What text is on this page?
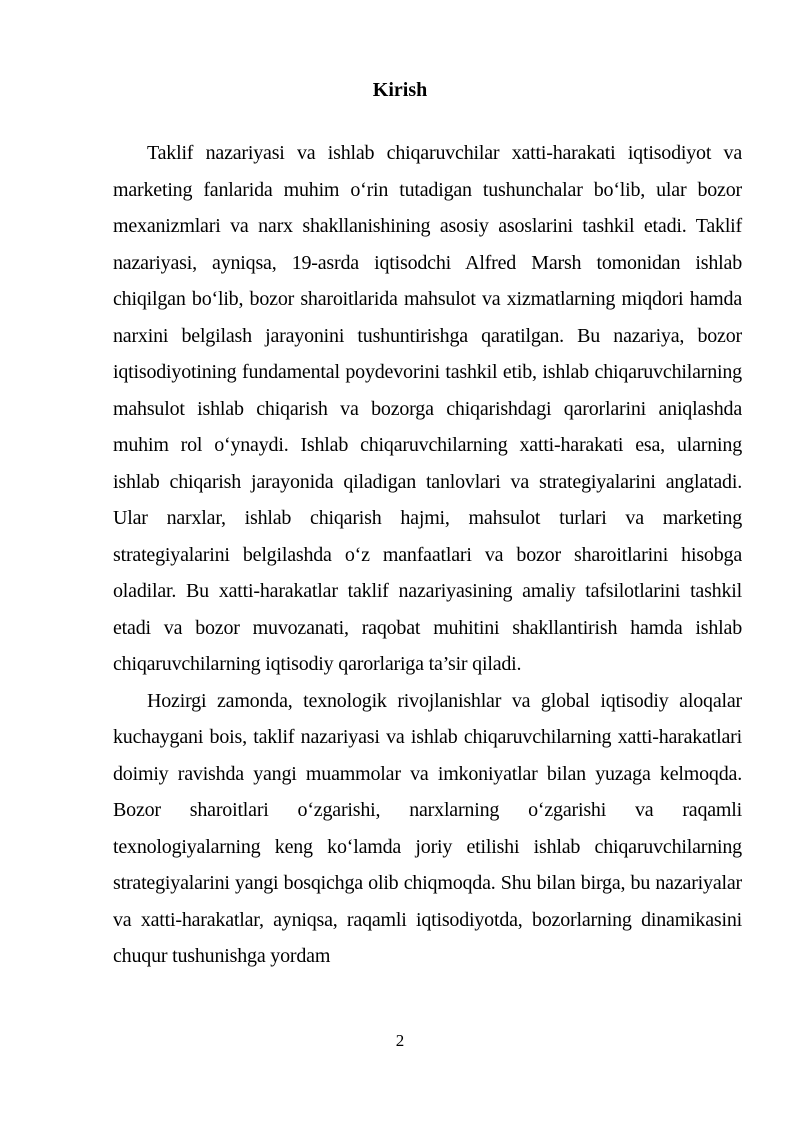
Kirish

Taklif nazariyasi va ishlab chiqaruvchilar xatti-harakati iqtisodiyot va marketing fanlarida muhim o‘rin tutadigan tushunchalar bo‘lib, ular bozor mexanizmlari va narx shakllanishining asosiy asoslarini tashkil etadi. Taklif nazariyasi, ayniqsa, 19-asrda iqtisodchi Alfred Marsh tomonidan ishlab chiqilgan bo‘lib, bozor sharoitlarida mahsulot va xizmatlarning miqdori hamda narxini belgilash jarayonini tushuntirishga qaratilgan. Bu nazariya, bozor iqtisodiyotining fundamental poydevorini tashkil etib, ishlab chiqaruvchilarning mahsulot ishlab chiqarish va bozorga chiqarishdagi qarorlarini aniqlashda muhim rol o‘ynaydi. Ishlab chiqaruvchilarning xatti-harakati esa, ularning ishlab chiqarish jarayonida qiladigan tanlovlari va strategiyalarini anglatadi. Ular narxlar, ishlab chiqarish hajmi, mahsulot turlari va marketing strategiyalarini belgilashda o‘z manfaatlari va bozor sharoitlarini hisobga oladilar. Bu xatti-harakatlar taklif nazariyasining amaliy tafsilotlarini tashkil etadi va bozor muvozanati, raqobat muhitini shakllantirish hamda ishlab chiqaruvchilarning iqtisodiy qarorlariga ta’sir qiladi.

Hozirgi zamonda, texnologik rivojlanishlar va global iqtisodiy aloqalar kuchaygani bois, taklif nazariyasi va ishlab chiqaruvchilarning xatti-harakatlari doimiy ravishda yangi muammolar va imkoniyatlar bilan yuzaga kelmoqda. Bozor sharoitlari o‘zgarishi, narxlarning o‘zgarishi va raqamli texnologiyalarning keng ko‘lamda joriy etilishi ishlab chiqaruvchilarning strategiyalarini yangi bosqichga olib chiqmoqda. Shu bilan birga, bu nazariyalar va xatti-harakatlar, ayniqsa, raqamli iqtisodiyotda, bozorlarning dinamikasini chuqur tushunishga yordam

2
